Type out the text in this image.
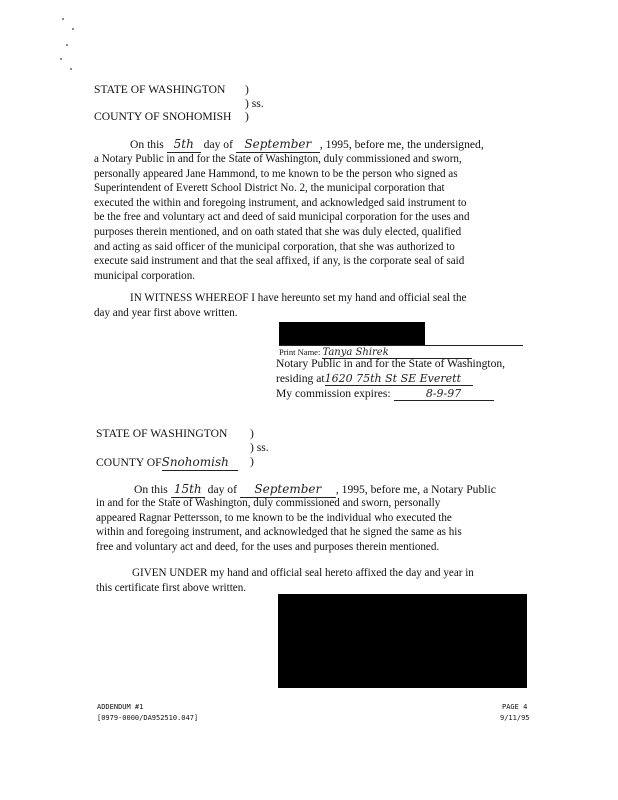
STATE OF WASHINGTON )
) ss.
COUNTY OF SNOHOMISH )
On this 5th day of September , 1995, before me, the undersigned,
a Notary Public in and for the State of Washington, duly commissioned and sworn,
personally appeared Jane Hammond, to me known to be the person who signed as
Superintendent of Everett School District No. 2, the municipal corporation that
executed the within and foregoing instrument, and acknowledged said instrument to
be the free and voluntary act and deed of said municipal corporation for the uses and
purposes therein mentioned, and on oath stated that she was duly elected, qualified
and acting as said officer of the municipal corporation, that she was authorized to
execute said instrument and that the seal affixed, if any, is the corporate seal of said
municipal corporation.
IN WITNESS WHEREOF I have hereunto set my hand and official seal the
day and year first above written.
Print Name: Tanya Shirek
Notary Public in and for the State of Washington,
residing at1620 75th St SE Everett
My commission expires:	8-9-97
STATE OF WASHINGTON )
) ss.
COUNTY OFSnohomish	)
On this 15th day of September , 1995, before me, a Notary Public
in and for the State of Washington, duly commissioned and sworn, personally
appeared Ragnar Pettersson, to me known to be the individual who executed the
within and foregoing instrument, and acknowledged that he signed the same as his
free and voluntary act and deed, for the uses and purposes therein mentioned.
GIVEN UNDER my hand and official seal hereto affixed the day and year in
this certificate first above written.
ADDENDUM #1
[0979-0000/DA952510.047]
PAGE 4
9/11/95
